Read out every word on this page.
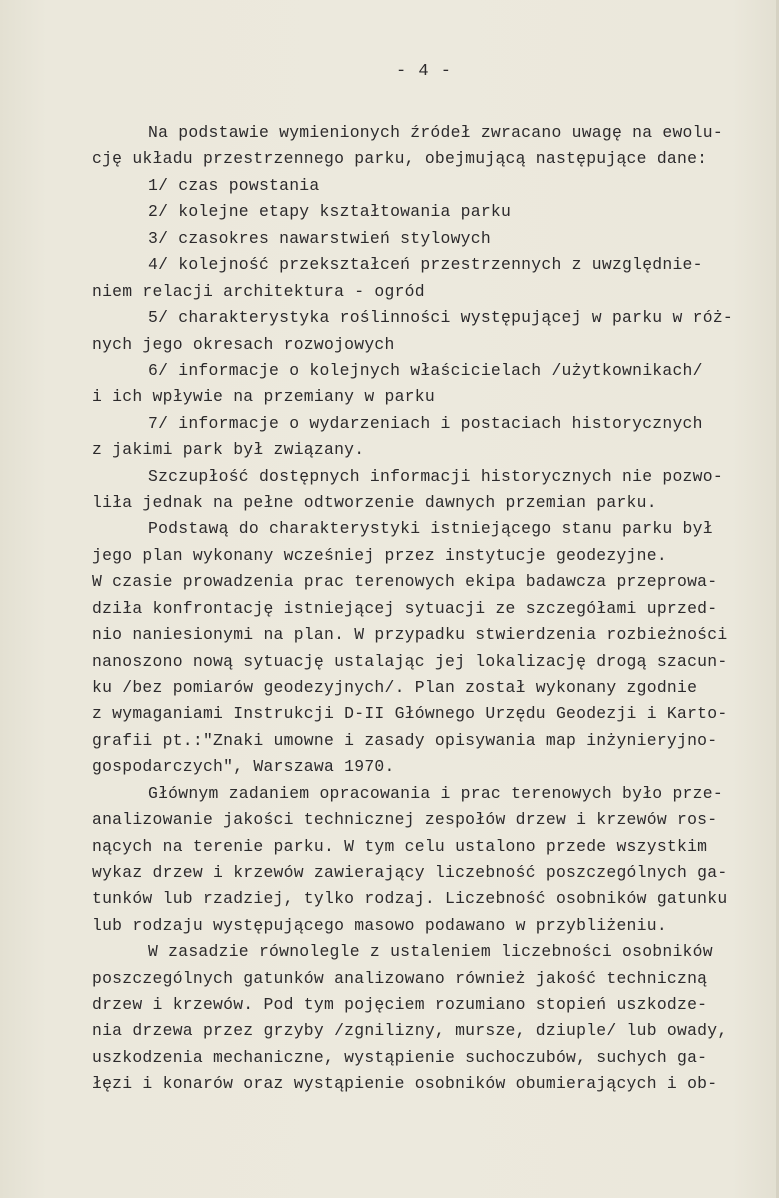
- 4 -
Na podstawie wymienionych źródeł zwracano uwagę na ewolu-
cję układu przestrzennego parku, obejmującą następujące dane:
1/ czas powstania
2/ kolejne etapy kształtowania parku
3/ czasokres nawarstwień stylowych
4/ kolejność przekształceń przestrzennych z uwzględnie-
niem relacji architektura - ogród
5/ charakterystyka roślinności występującej w parku w róż-
nych jego okresach rozwojowych
6/ informacje o kolejnych właścicielach /użytkownikach/
i ich wpływie na przemiany w parku
7/ informacje o wydarzeniach i postaciach historycznych
z jakimi park był związany.
Szczupłość dostępnych informacji historycznych nie pozwo-
liła jednak na pełne odtworzenie dawnych przemian parku.
Podstawą do charakterystyki istniejącego stanu parku był
jego plan wykonany wcześniej przez instytucje geodezyjne.
W czasie prowadzenia prac terenowych ekipa badawcza przeprowa-
dziła konfrontację istniejącej sytuacji ze szczegółami uprzed-
nio naniesionymi na plan. W przypadku stwierdzenia rozbieżności
nanoszono nową sytuację ustalając jej lokalizację drogą szacun-
ku /bez pomiarów geodezyjnych/. Plan został wykonany zgodnie
z wymaganiami Instrukcji D-II Głównego Urzędu Geodezji i Karto-
grafii pt.:"Znaki umowne i zasady opisywania map inżynieryjno-
gospodarczych", Warszawa 1970.
Głównym zadaniem opracowania i prac terenowych było prze-
analizowanie jakości technicznej zespołów drzew i krzewów ros-
nących na terenie parku. W tym celu ustalono przede wszystkim
wykaz drzew i krzewów zawierający liczebność poszczególnych ga-
tunków lub rzadziej, tylko rodzaj. Liczebność osobników gatunku
lub rodzaju występującego masowo podawano w przybliżeniu.
W zasadzie równolegle z ustaleniem liczebności osobników
poszczególnych gatunków analizowano również jakość techniczną
drzew i krzewów. Pod tym pojęciem rozumiano stopień uszkodze-
nia drzewa przez grzyby /zgnilizny, mursze, dziuple/ lub owady,
uszkodzenia mechaniczne, wystąpienie suchoczubów, suchych ga-
łęzi i konarów oraz wystąpienie osobników obumierających i ob-
